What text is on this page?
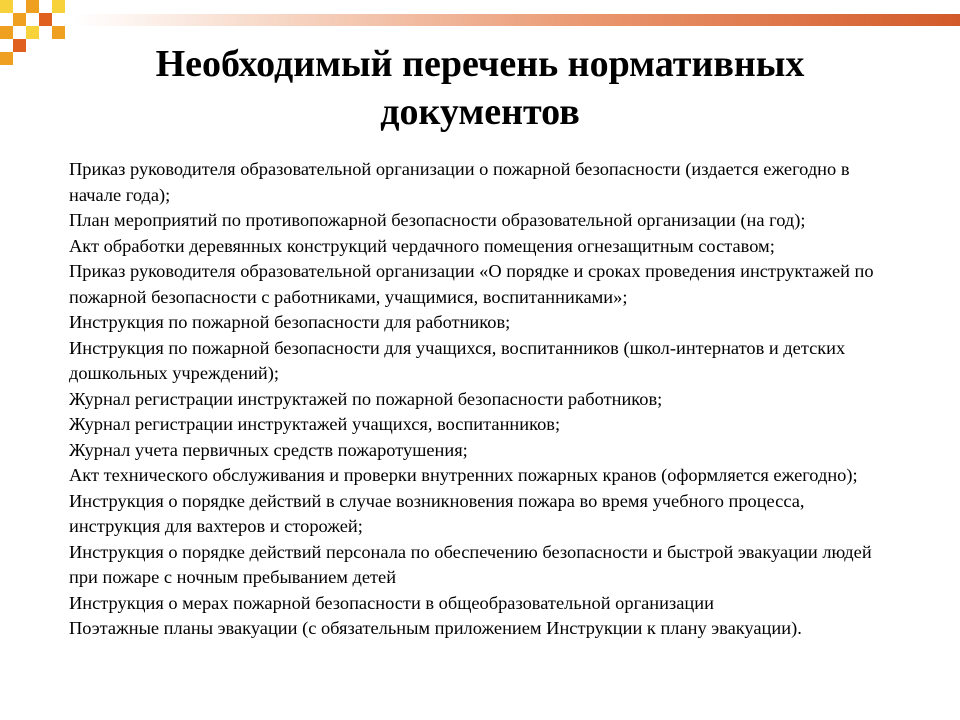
Необходимый перечень нормативных
документов
Приказ руководителя образовательной организации о пожарной безопасности (издается ежегодно в начале года);
План мероприятий по противопожарной безопасности образовательной организации (на год);
Акт обработки деревянных конструкций чердачного помещения огнезащитным составом;
Приказ руководителя образовательной организации «О порядке и сроках проведения инструктажей по пожарной безопасности с работниками, учащимися, воспитанниками»;
Инструкция по пожарной безопасности для работников;
Инструкция по пожарной безопасности для учащихся, воспитанников (школ-интернатов и детских дошкольных учреждений);
Журнал регистрации инструктажей по пожарной безопасности работников;
Журнал регистрации инструктажей учащихся, воспитанников;
Журнал учета первичных средств пожаротушения;
Акт технического обслуживания и проверки внутренних пожарных кранов (оформляется ежегодно);
Инструкция о порядке действий в случае возникновения пожара во время учебного процесса, инструкция для вахтеров и сторожей;
Инструкция о порядке действий персонала по обеспечению безопасности и быстрой эвакуации людей при пожаре с ночным пребыванием детей
Инструкция о мерах пожарной безопасности в общеобразовательной организации
Поэтажные планы эвакуации (с обязательным приложением Инструкции к плану эвакуации).
